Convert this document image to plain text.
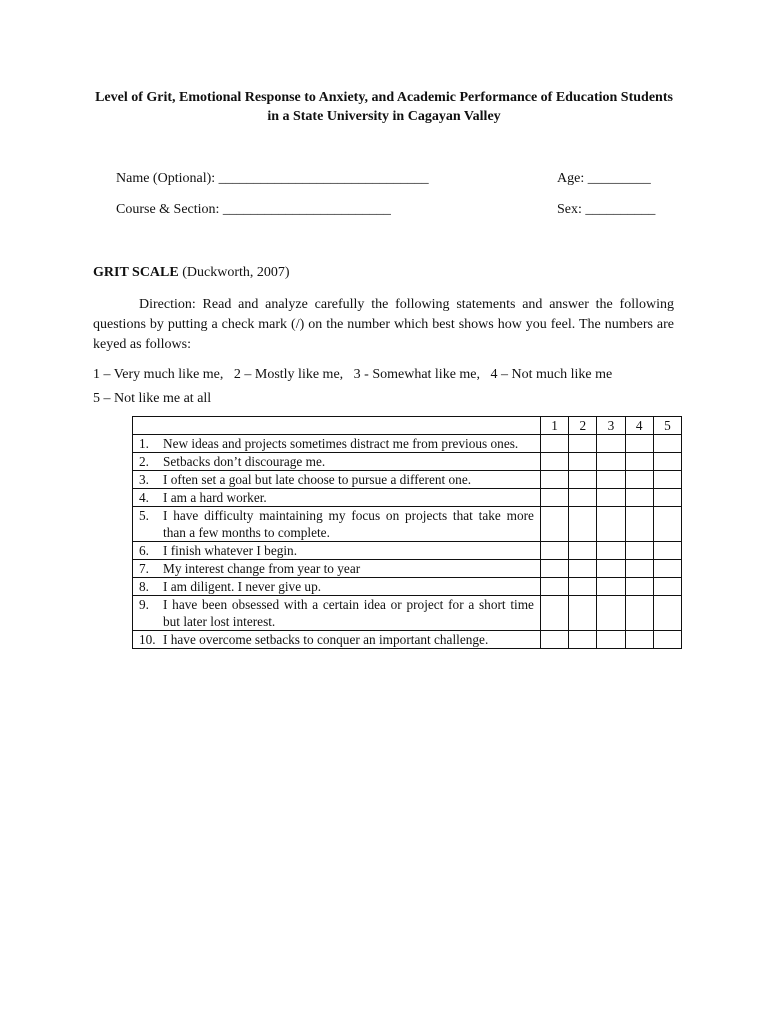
Level of Grit, Emotional Response to Anxiety, and Academic Performance of Education Students in a State University in Cagayan Valley
Name (Optional): ______________________________	Age: _________
Course & Section: ________________________	Sex: __________
GRIT SCALE (Duckworth, 2007)
Direction: Read and analyze carefully the following statements and answer the following questions by putting a check mark (/) on the number which best shows how you feel. The numbers are keyed as follows:
1 – Very much like me,   2 – Mostly like me,   3 - Somewhat like me,   4 – Not much like me
5 – Not like me at all
	1	2	3	4	5

1. New ideas and projects sometimes distract me from previous ones.					

2. Setbacks don’t discourage me.					

3. I often set a goal but late choose to pursue a different one.					

4. I am a hard worker.					

5. I have difficulty maintaining my focus on projects that take more than a few months to complete.					

6. I finish whatever I begin.					

7. My interest change from year to year					

8. I am diligent. I never give up.					

9. I have been obsessed with a certain idea or project for a short time but later lost interest.					

10. I have overcome setbacks to conquer an important challenge.					
